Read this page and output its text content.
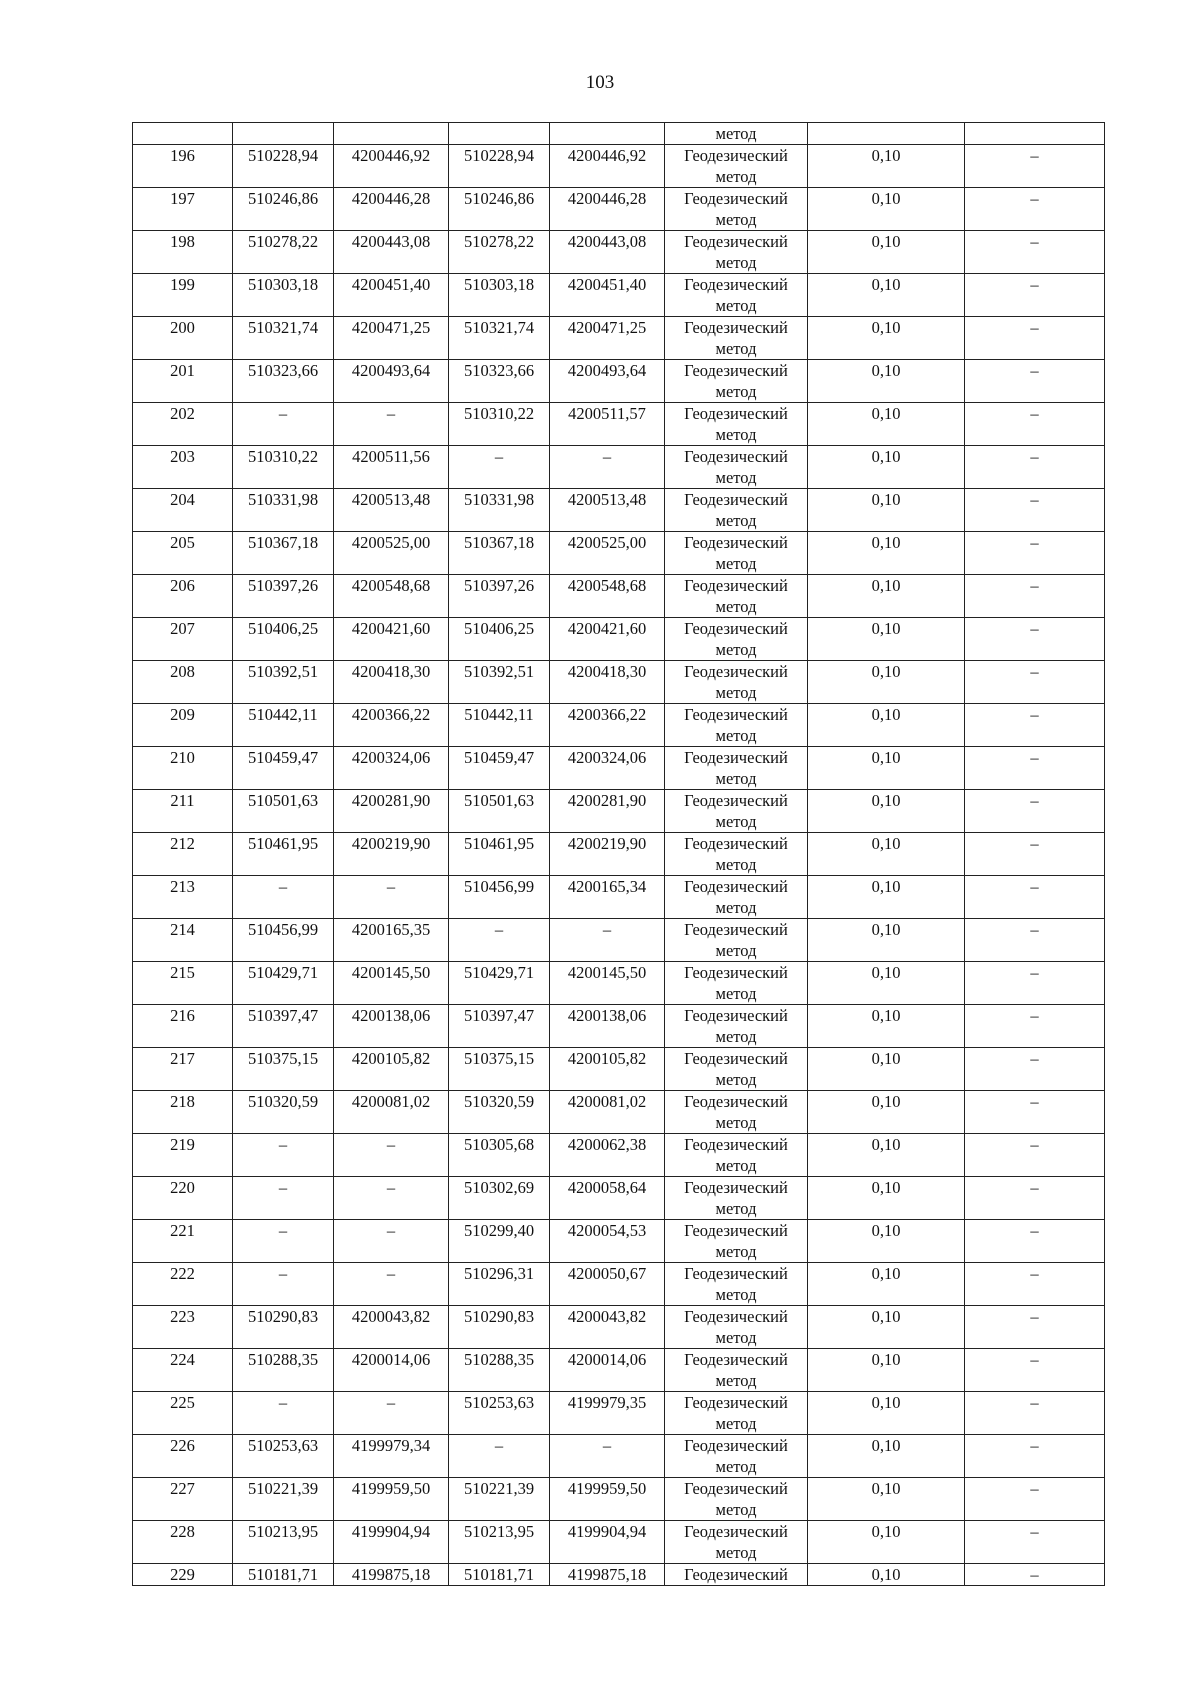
103
					метод		
196	510228,94	4200446,92	510228,94	4200446,92	Геодезический
метод	0,10	–
197	510246,86	4200446,28	510246,86	4200446,28	Геодезический
метод	0,10	–
198	510278,22	4200443,08	510278,22	4200443,08	Геодезический
метод	0,10	–
199	510303,18	4200451,40	510303,18	4200451,40	Геодезический
метод	0,10	–
200	510321,74	4200471,25	510321,74	4200471,25	Геодезический
метод	0,10	–
201	510323,66	4200493,64	510323,66	4200493,64	Геодезический
метод	0,10	–
202	–	–	510310,22	4200511,57	Геодезический
метод	0,10	–
203	510310,22	4200511,56	–	–	Геодезический
метод	0,10	–
204	510331,98	4200513,48	510331,98	4200513,48	Геодезический
метод	0,10	–
205	510367,18	4200525,00	510367,18	4200525,00	Геодезический
метод	0,10	–
206	510397,26	4200548,68	510397,26	4200548,68	Геодезический
метод	0,10	–
207	510406,25	4200421,60	510406,25	4200421,60	Геодезический
метод	0,10	–
208	510392,51	4200418,30	510392,51	4200418,30	Геодезический
метод	0,10	–
209	510442,11	4200366,22	510442,11	4200366,22	Геодезический
метод	0,10	–
210	510459,47	4200324,06	510459,47	4200324,06	Геодезический
метод	0,10	–
211	510501,63	4200281,90	510501,63	4200281,90	Геодезический
метод	0,10	–
212	510461,95	4200219,90	510461,95	4200219,90	Геодезический
метод	0,10	–
213	–	–	510456,99	4200165,34	Геодезический
метод	0,10	–
214	510456,99	4200165,35	–	–	Геодезический
метод	0,10	–
215	510429,71	4200145,50	510429,71	4200145,50	Геодезический
метод	0,10	–
216	510397,47	4200138,06	510397,47	4200138,06	Геодезический
метод	0,10	–
217	510375,15	4200105,82	510375,15	4200105,82	Геодезический
метод	0,10	–
218	510320,59	4200081,02	510320,59	4200081,02	Геодезический
метод	0,10	–
219	–	–	510305,68	4200062,38	Геодезический
метод	0,10	–
220	–	–	510302,69	4200058,64	Геодезический
метод	0,10	–
221	–	–	510299,40	4200054,53	Геодезический
метод	0,10	–
222	–	–	510296,31	4200050,67	Геодезический
метод	0,10	–
223	510290,83	4200043,82	510290,83	4200043,82	Геодезический
метод	0,10	–
224	510288,35	4200014,06	510288,35	4200014,06	Геодезический
метод	0,10	–
225	–	–	510253,63	4199979,35	Геодезический
метод	0,10	–
226	510253,63	4199979,34	–	–	Геодезический
метод	0,10	–
227	510221,39	4199959,50	510221,39	4199959,50	Геодезический
метод	0,10	–
228	510213,95	4199904,94	510213,95	4199904,94	Геодезический
метод	0,10	–
229	510181,71	4199875,18	510181,71	4199875,18	Геодезический	0,10	–
